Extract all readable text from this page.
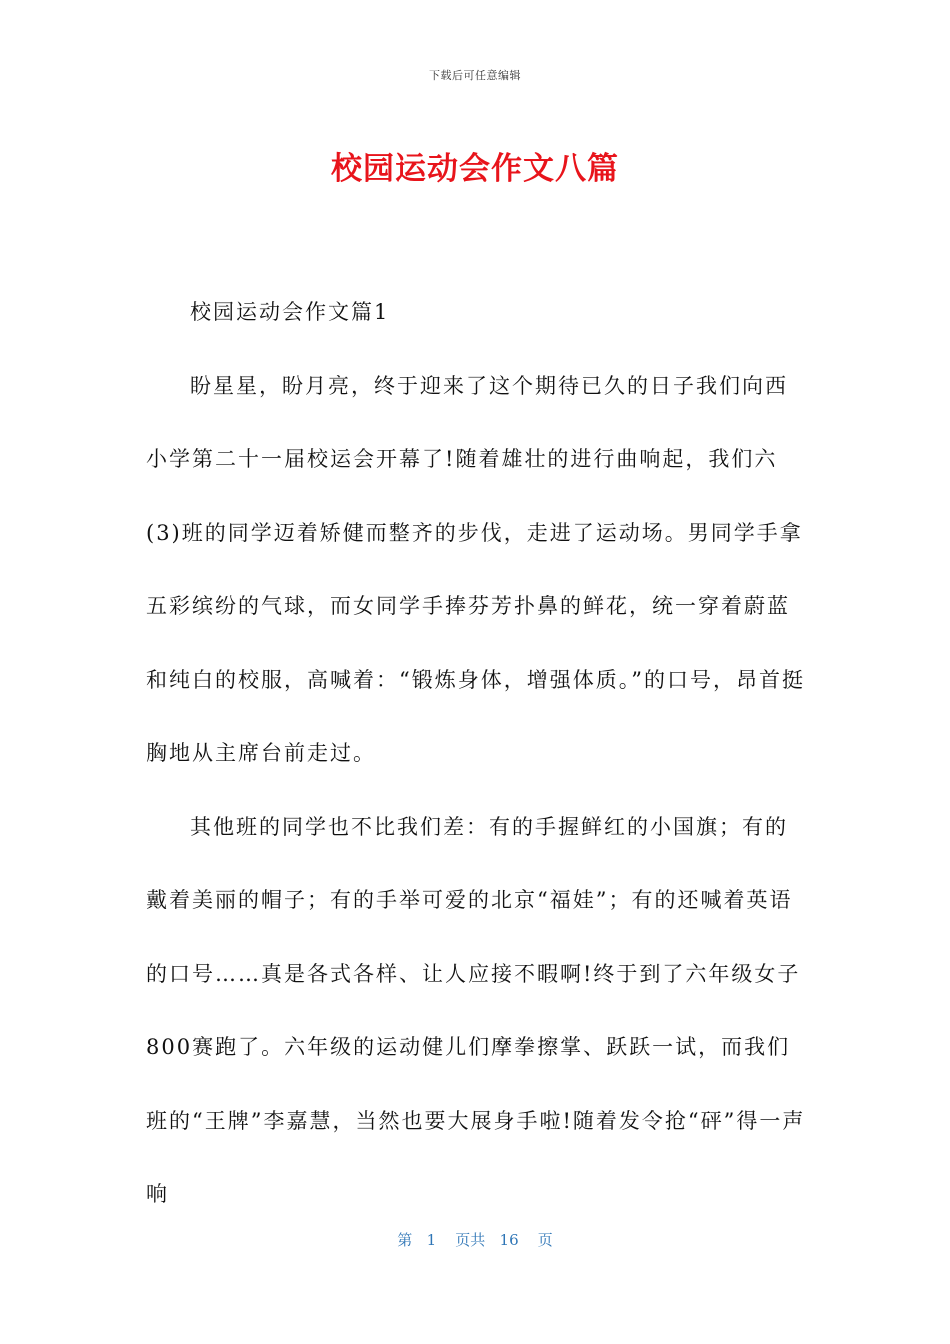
下载后可任意编辑
校园运动会作文八篇

校园运动会作文篇1

盼星星，盼月亮，终于迎来了这个期待已久的日子我们向西小学第二十一届校运会开幕了!随着雄壮的进行曲响起，我们六(3)班的同学迈着矫健而整齐的步伐，走进了运动场。男同学手拿五彩缤纷的气球，而女同学手捧芬芳扑鼻的鲜花，统一穿着蔚蓝和纯白的校服，高喊着：“锻炼身体，增强体质。”的口号，昂首挺胸地从主席台前走过。

其他班的同学也不比我们差：有的手握鲜红的小国旗；有的戴着美丽的帽子；有的手举可爱的北京“福娃”；有的还喊着英语的口号……真是各式各样、让人应接不暇啊!终于到了六年级女子800赛跑了。六年级的运动健儿们摩拳擦掌、跃跃一试，而我们班的“王牌”李嘉慧，当然也要大展身手啦!随着发令抢“砰”得一声响

第 1 页共 16 页
